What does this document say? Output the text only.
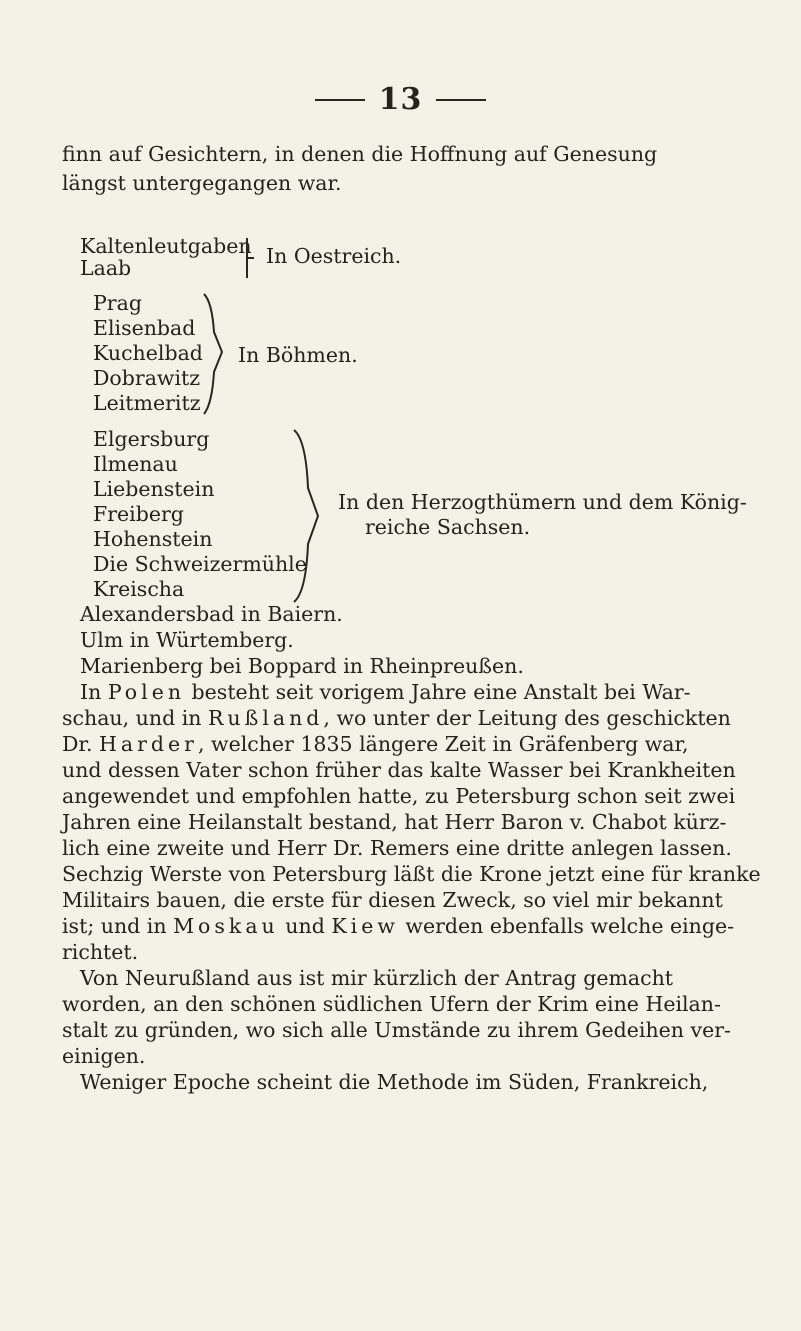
13
finn auf Gesichtern, in denen die Hoffnung auf Genesung
längst untergegangen war.
Kaltenleutgaben
Laab	In Oestreich.
Prag
Elisenbad
Kuchelbad
Dobrawitz
Leitmeritz
In Böhmen.
Elgersburg
Ilmenau
Liebenstein
Freiberg
Hohenstein
Die Schweizermühle
Kreischa
In den Herzogthümern und dem König-
reiche Sachsen.
Alexandersbad in Baiern.
Ulm in Würtemberg.
Marienberg bei Boppard in Rheinpreußen.
In Polen besteht seit vorigem Jahre eine Anstalt bei War-
schau, und in Rußland, wo unter der Leitung des geschickten
Dr. Harder, welcher 1835 längere Zeit in Gräfenberg war,
und dessen Vater schon früher das kalte Wasser bei Krankheiten
angewendet und empfohlen hatte, zu Petersburg schon seit zwei
Jahren eine Heilanstalt bestand, hat Herr Baron v. Chabot kürz-
lich eine zweite und Herr Dr. Remers eine dritte anlegen lassen.
Sechzig Werste von Petersburg läßt die Krone jetzt eine für kranke
Militairs bauen, die erste für diesen Zweck, so viel mir bekannt
ist; und in Moskau und Kiew werden ebenfalls welche einge-
richtet.
Von Neurußland aus ist mir kürzlich der Antrag gemacht
worden, an den schönen südlichen Ufern der Krim eine Heilan-
stalt zu gründen, wo sich alle Umstände zu ihrem Gedeihen ver-
einigen.
Weniger Epoche scheint die Methode im Süden, Frankreich,
